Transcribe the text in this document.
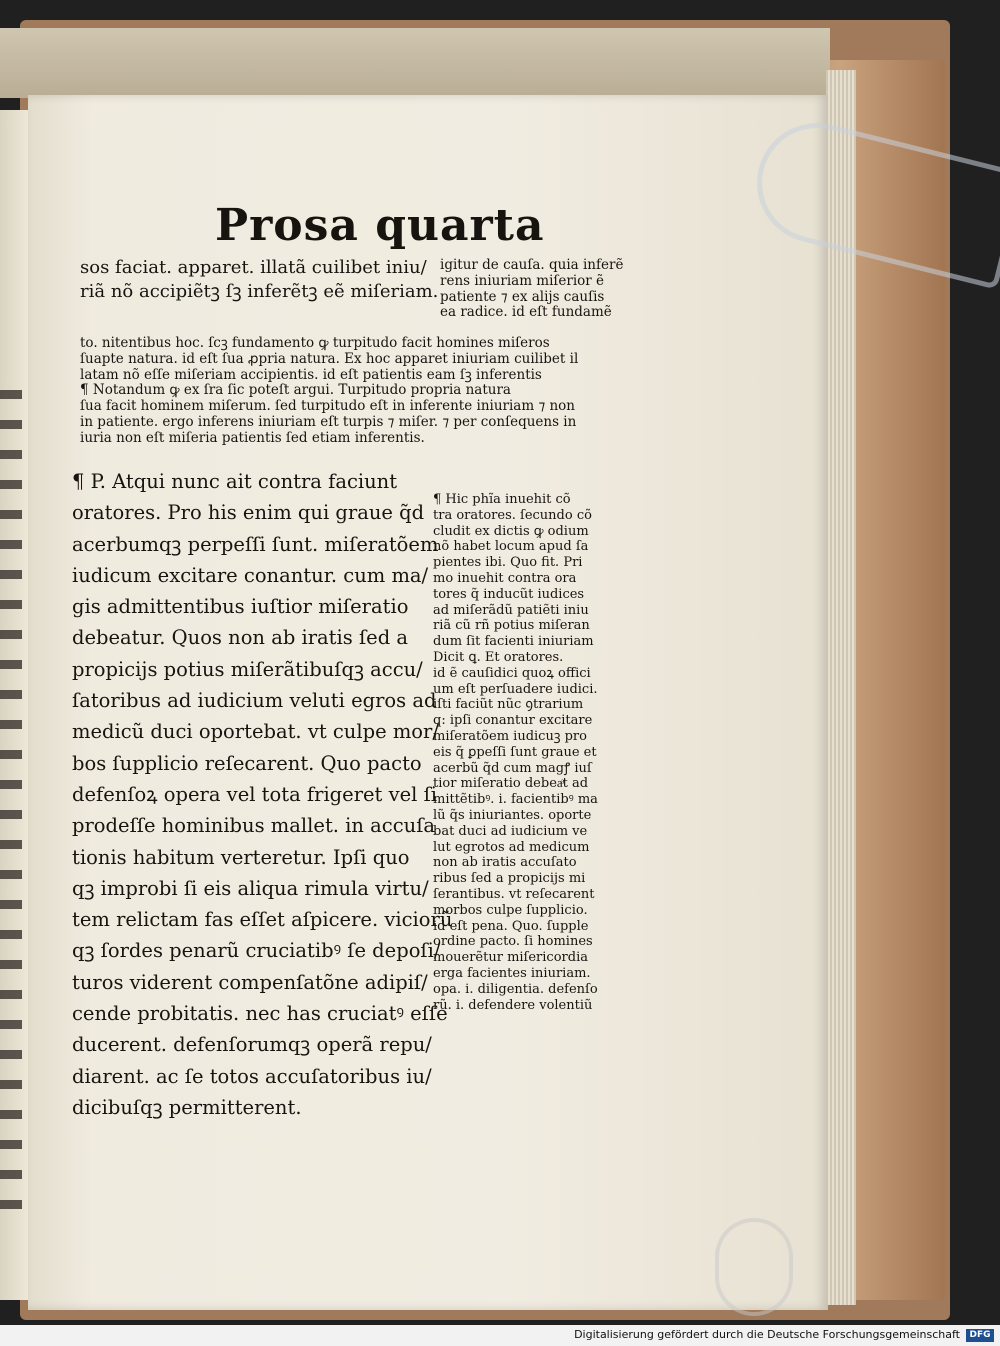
Prosa quarta

sos faciat. apparet. illatã cuilibet iniu/
riã nõ accipiẽtꝫ ſꝫ inferẽtꝫ eẽ miſeriam.
igitur de cauſa. quia inferẽ
rens iniuriam miſerior ẽ
patiente ⁊ ex alijs cauſis
ea radice. id eſt fundamẽ
to. nitentibus hoc. ſcꝫ fundamento ꝙ turpitudo facit homines miſeros
ſuapte natura. id eſt ſua ꝓpria natura. Ex hoc apparet iniuriam cuilibet il
latam nõ eſſe miſeriam accipientis. id eſt patientis eam ſꝫ inferentis
¶ Notandum ꝙ ex ſra ſic poteſt argui. Turpitudo propria natura
ſua facit hominem miſerum. ſed turpitudo eſt in inferente iniuriam ⁊ non
in patiente. ergo inferens iniuriam eſt turpis ⁊ miſer. ⁊ per conſequens in
iuria non eſt miſeria patientis ſed etiam inferentis.
¶ P. Atqui nunc ait contra faciunt
oratores. Pro his enim qui graue q̃d
acerbumqꝫ perpeſſi ſunt. miſeratõem
iudicum excitare conantur. cum ma/
gis admittentibus iuſtior miſeratio
debeatur. Quos non ab iratis ſed a
propicijs potius miſerãtibuſqꝫ accu/
ſatoribus ad iudicium veluti egros ad
medicũ duci oportebat. vt culpe mor/
bos ſupplicio reſecarent. Quo pacto
defenſoꝝ opera vel tota frigeret vel ſi
prodeſſe hominibus mallet. in accuſa
tionis habitum verteretur. Ipſi quo
qꝫ improbi ſi eis aliqua rimula virtu/
tem relictam fas eſſet aſpicere. viciorũ
qꝫ ſordes penarũ cruciatibꝰ ſe depoſi/
turos viderent compenſatõne adipiſ/
cende probitatis. nec has cruciatꝰ eſſe
ducerent. defenſorumqꝫ operã repu/
diarent. ac ſe totos accuſatoribus iu/
dicibuſqꝫ permitterent.
¶ Hic phĩa inuehit cõ
tra oratores. ſecundo cõ
cludit ex dictis ꝙ odium
nõ habet locum apud ſa
pientes ibi. Quo fit. Pri
mo inuehit contra ora
tores q̃ inducũt iudices
ad miſerãdũ patiẽti iniu
riã cũ rñ potius miſeran
dum ſit facienti iniuriam
Dicit ꝗ. Et oratores.
id ẽ cauſidici quoꝝ offici
um eſt perſuadere iudici.
iſti faciũt nũc ꝯtrarium
q: ipſi conantur excitare
miſeratõem iudicuꝫ pro
eis q̃ ꝑpeſſi ſunt graue et
acerbũ q̃d cum magꝭ iuſ
tior miſeratio debeaͣt ad
mittẽtibꝰ. i. facientibꝰ ma
lũ q̃s iniuriantes. oporte
bat duci ad iudicium ve
lut egrotos ad medicum
non ab iratis accuſato
ribus ſed a propicijs mi
ſerantibus. vt reſecarent
morbos culpe ſupplicio.
id eſt pena. Quo. ſupple
ordine pacto. ſi homines
mouerẽtur miſericordia
erga facientes iniuriam.
opa. i. diligentia. defenſo
rũ. i. defendere volentiũ
Digitalisierung gefördert durch die Deutsche Forschungsgemeinschaft	DFG
